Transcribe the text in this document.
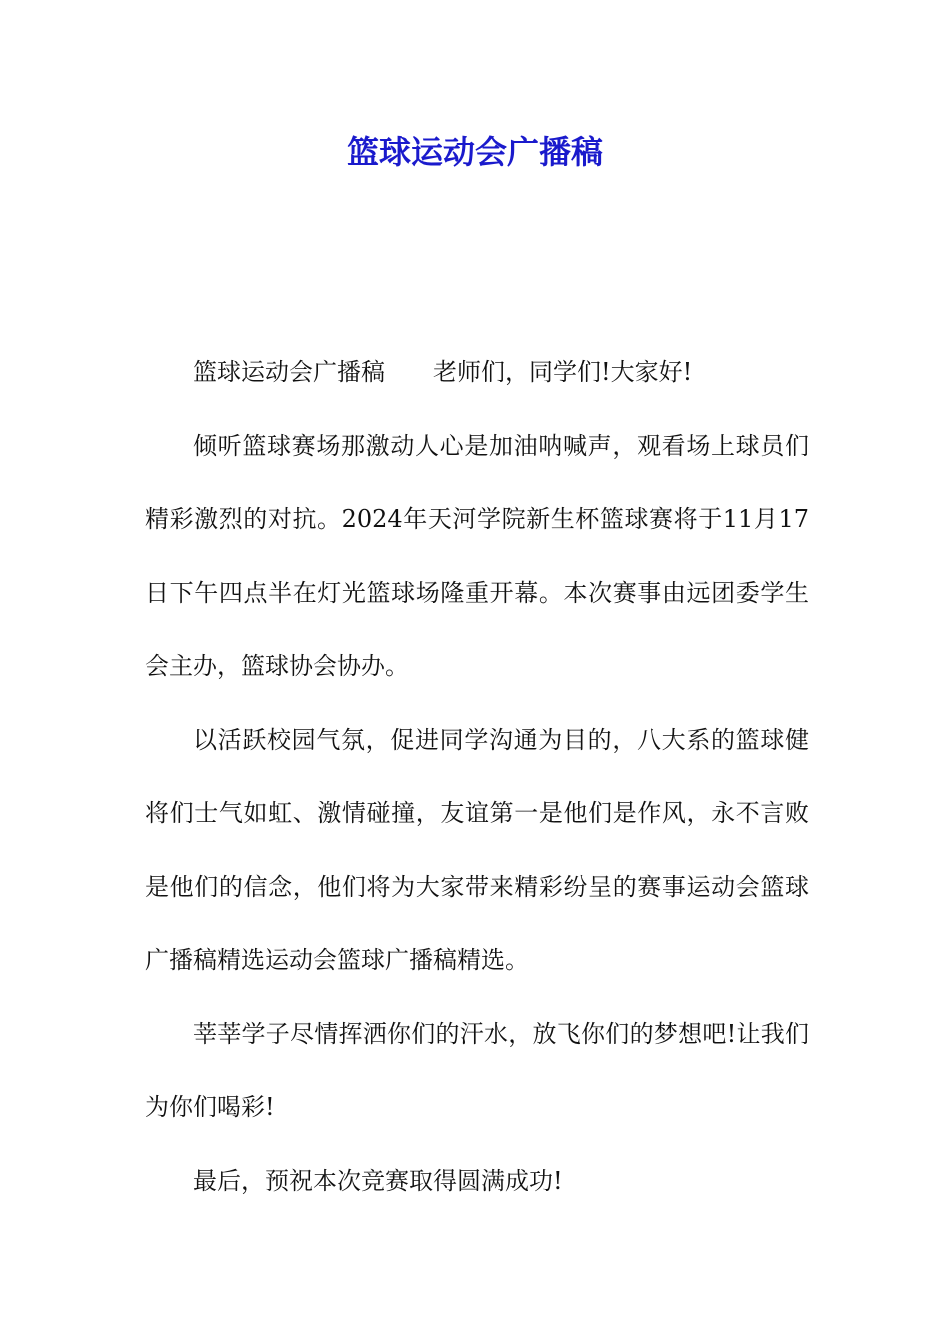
篮球运动会广播稿

篮球运动会广播稿 老师们，同学们!大家好!

倾听篮球赛场那激动人心是加油呐喊声，观看场上球员们精彩激烈的对抗。2024年天河学院新生杯篮球赛将于11月17日下午四点半在灯光篮球场隆重开幕。本次赛事由远团委学生会主办，篮球协会协办。

以活跃校园气氛，促进同学沟通为目的，八大系的篮球健将们士气如虹、激情碰撞，友谊第一是他们是作风，永不言败是他们的信念，他们将为大家带来精彩纷呈的赛事运动会篮球广播稿精选运动会篮球广播稿精选。

莘莘学子尽情挥洒你们的汗水，放飞你们的梦想吧!让我们为你们喝彩!

最后，预祝本次竞赛取得圆满成功!
